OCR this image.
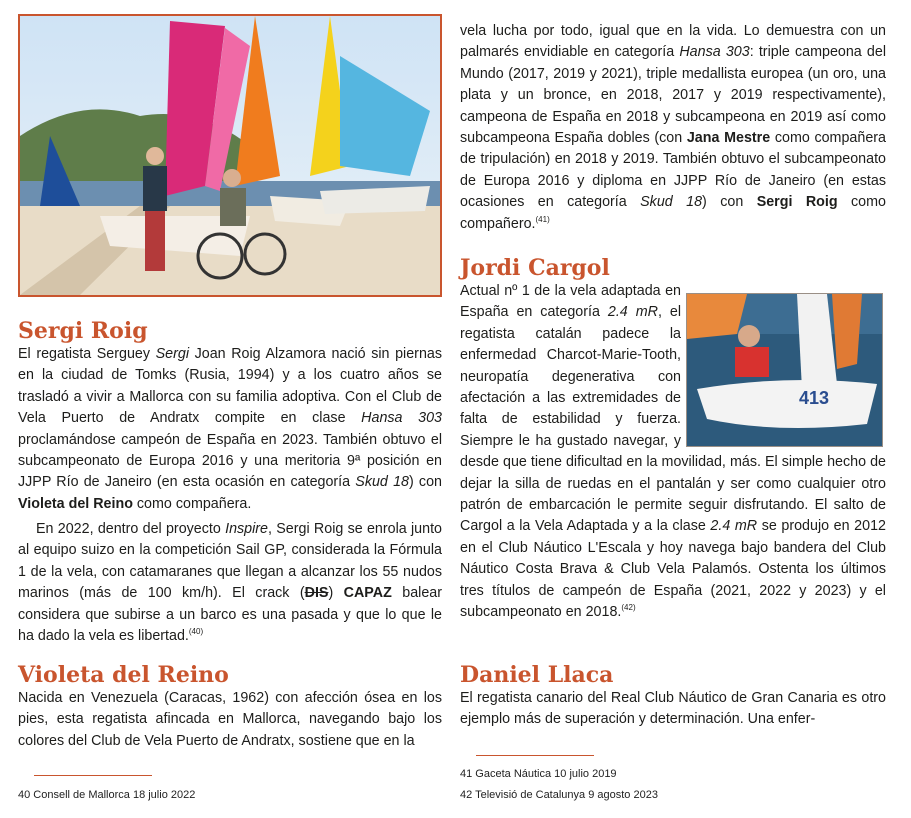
413
Sergi Roig

El regatista Serguey Sergi Joan Roig Alzamora nació sin piernas en la ciudad de Tomks (Rusia, 1994) y a los cuatro años se trasladó a vivir a Mallorca con su familia adoptiva. Con el Club de Vela Puerto de Andratx compite en clase Hansa 303 proclamándose campeón de España en 2023. También obtuvo el subcampeonato de Europa 2016 y una meritoria 9ª posición en JJPP Río de Janeiro (en esta ocasión en categoría Skud 18) con Violeta del Reino como compañera.

En 2022, dentro del proyecto Inspire, Sergi Roig se enrola junto al equipo suizo en la competición Sail GP, considerada la Fórmula 1 de la vela, con catamaranes que llegan a alcanzar los 55 nudos marinos (más de 100 km/h). El crack (DIS) CAPAZ balear considera que subirse a un barco es una pasada y que lo que le ha dado la vela es libertad.$^{(40)}$

Violeta del Reino

Nacida en Venezuela (Caracas, 1962) con afección ósea en los pies, esta regatista afincada en Mallorca, navegando bajo los colores del Club de Vela Puerto de Andratx, sostiene que en la

vela lucha por todo, igual que en la vida. Lo demuestra con un palmarés envidiable en categoría Hansa 303: triple campeona del Mundo (2017, 2019 y 2021), triple medallista europea (un oro, una plata y un bronce, en 2018, 2017 y 2019 respectivamente), campeona de España en 2018 y subcampeona en 2019 así como subcampeona España dobles (con Jana Mestre como compañera de tripulación) en 2018 y 2019. También obtuvo el subcampeonato de Europa 2016 y diploma en JJPP Río de Janeiro (en estas ocasiones en categoría Skud 18) con Sergi Roig como compañero.$^{(41)}$

Jordi Cargol
Actual nº 1 de la vela adaptada en España en categoría 2.4 mR, el regatista catalán padece la enfermedad Charcot-Marie-Tooth, neuropatía degenerativa con afectación a las extremidades de falta de estabilidad y fuerza. Siempre le ha gustado navegar, y desde que tiene dificultad en la movilidad, más. El simple hecho de dejar la silla de ruedas en el pantalán y ser como cualquier otro patrón de embarcación le permite seguir disfrutando. El salto de Cargol a la Vela Adaptada y a la clase 2.4 mR se produjo en 2012 en el Club Náutico L'Escala y hoy navega bajo bandera del Club Náutico Costa Brava & Club Vela Palamós. Ostenta los últimos tres títulos de campeón de España (2021, 2022 y 2023) y el subcampeonato en 2018.$^{(42)}$
Daniel Llaca

El regatista canario del Real Club Náutico de Gran Canaria es otro ejemplo más de superación y determinación. Una enfer-

40 Consell de Mallorca 18 julio 2022
41 Gaceta Náutica 10 julio 2019
42 Televisió de Catalunya 9 agosto 2023
